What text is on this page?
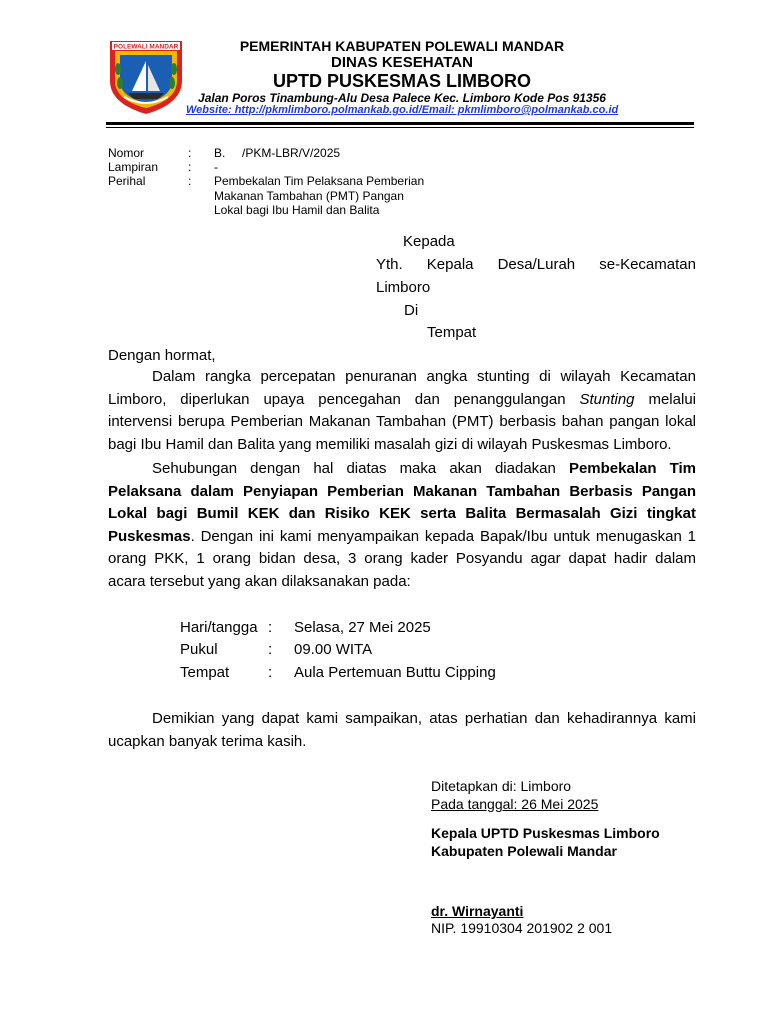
POLEWALI MANDAR	PEMERINTAH KABUPATEN POLEWALI MANDAR
DINAS KESEHATAN
UPTD PUSKESMAS LIMBORO
Jalan Poros Tinambung-Alu Desa Palece Kec. Limboro Kode Pos 91356
Website: http://pkmlimboro.polmankab.go.id/Email: pkmlimboro@polmankab.co.id
Nomor	: B.     /PKM-LBR/V/2025
Lampiran : -
Perihal	: Pembekalan Tim Pelaksana Pemberian
Makanan Tambahan (PMT) Pangan
Lokal bagi Ibu Hamil dan Balita
Kepada
Yth. Kepala Desa/Lurah se-Kecamatan
Limboro
Di
Tempat
Dengan hormat,
Dalam rangka percepatan penuranan angka stunting di wilayah Kecamatan
Limboro, diperlukan upaya pencegahan dan penanggulangan Stunting melalui
intervensi berupa Pemberian Makanan Tambahan (PMT) berbasis bahan pangan lokal
bagi Ibu Hamil dan Balita yang memiliki masalah gizi di wilayah Puskesmas Limboro.
Sehubungan dengan hal diatas maka akan diadakan Pembekalan Tim
Pelaksana dalam Penyiapan Pemberian Makanan Tambahan Berbasis Pangan
Lokal bagi Bumil KEK dan Risiko KEK serta Balita Bermasalah Gizi tingkat
Puskesmas. Dengan ini kami menyampaikan kepada Bapak/Ibu untuk menugaskan 1
orang PKK, 1 orang bidan desa, 3 orang kader Posyandu agar dapat hadir dalam
acara tersebut yang akan dilaksanakan pada:
Hari/tangga : Selasa, 27 Mei 2025
Pukul	: 09.00 WITA
Tempat	: Aula Pertemuan Buttu Cipping
Demikian yang dapat kami sampaikan, atas perhatian dan kehadirannya kami
ucapkan banyak terima kasih.
Ditetapkan di: Limboro
Pada tanggal: 26 Mei 2025
Kepala UPTD Puskesmas Limboro
Kabupaten Polewali Mandar
dr. Wirnayanti
NIP. 19910304 201902 2 001
